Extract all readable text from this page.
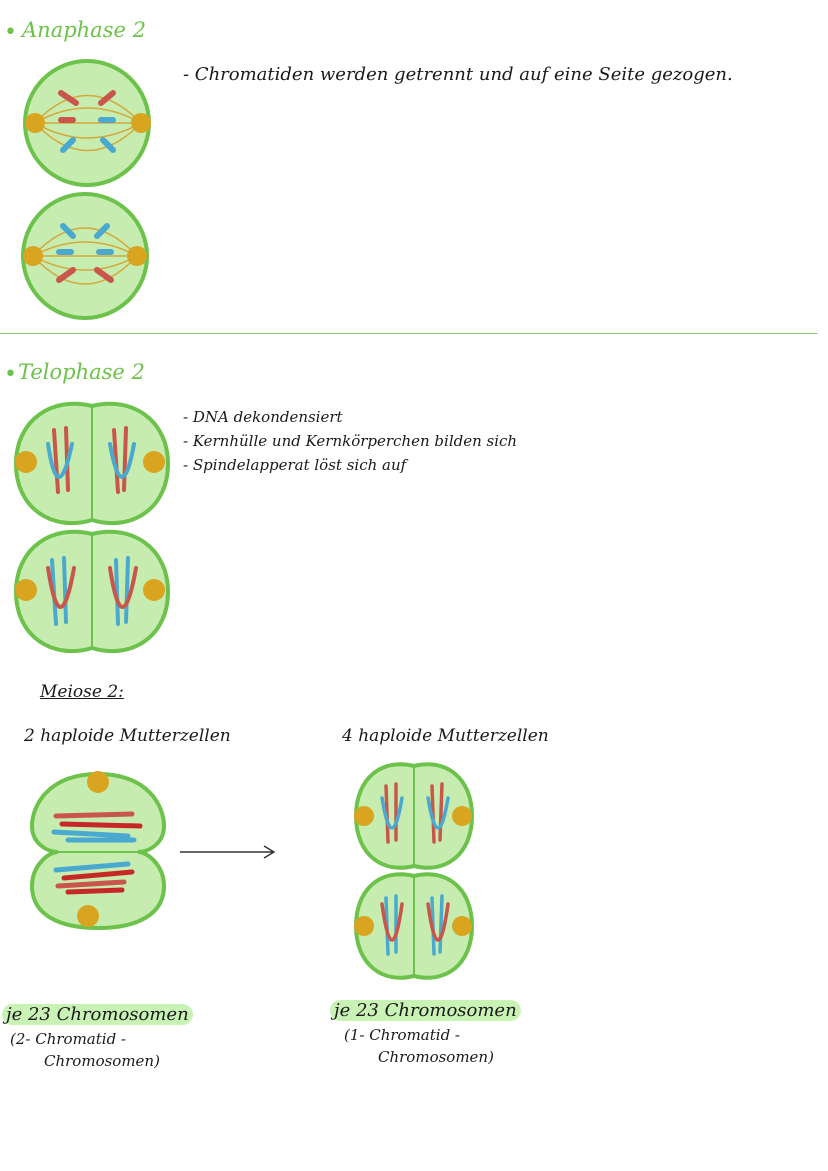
• Anaphase 2
- Chromatiden werden getrennt und auf eine Seite gezogen.
• Telophase 2
- DNA dekondensiert
- Kernhülle und Kernkörperchen bilden sich
- Spindelapperat löst sich auf
Meiose 2:
2 haploide Mutterzellen	4 haploide Mutterzellen
je 23 Chromosomen
(2- Chromatid -
Chromosomen)
je 23 Chromosomen
(1- Chromatid -
Chromosomen)
